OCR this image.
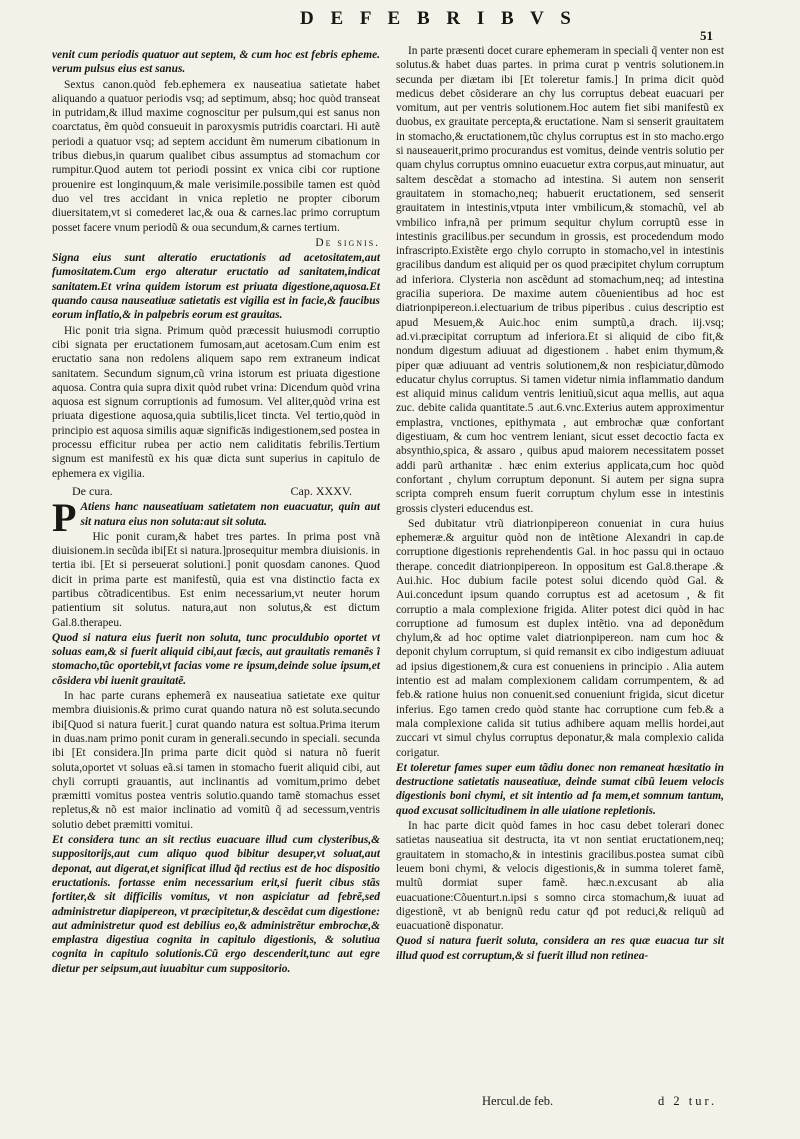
D E F E B R I B V S
51

venit cum periodis quatuor aut septem, & cum hoc est febris epheme. verum pulsus eius est sanus.

Sextus canon.quòd feb.ephemera ex nauseatiua satietate habet aliquando a quatuor periodis vsq; ad septimum, absq; hoc quòd transeat in putridam,& illud maxime cognoscitur per pulsum,qui est sanus non coarctatus, ẽm quòd consueuit in paroxysmis putridis coarctari. Hi autẽ periodi a quatuor vsq; ad septem accidunt ẽm numerum cibationum in tribus diebus,in quarum qualibet cibus assumptus ad stomachum cor rumpitur.Quod autem tot periodi possint ex vnica cibi cor ruptione prouenire est longinquum,& male verisimile.possibile tamen est quòd duo vel tres accidant in vnica repletio ne propter ciborum diuersitatem,vt si comederet lac,& oua & carnes.lac primo corruptum posset facere vnum periodũ & oua secundum,& carnes tertium.

De signis.

Signa eius sunt alteratio eructationis ad acetositatem,aut fumositatem.Cum ergo alteratur eructatio ad sanitatem,indicat sanitatem.Et vrina quidem istorum est priuata digestione,aquosa.Et quando causa nauseatiuæ satietatis est vigilia est in facie,& faucibus eorum inflatio,& in palpebris eorum est grauitas.

Hic ponit tria signa. Primum quòd præcessit huiusmodi corruptio cibi signata per eructationem fumosam,aut acetosam.Cum enim est eructatio sana non redolens aliquem sapo rem extraneum indicat sanitatem. Secundum signum,cũ vrina istorum est priuata digestione aquosa. Contra quia supra dixit quòd rubet vrina: Dicendum quòd vrina aquosa est signum corruptionis ad fumosum. Vel aliter,quòd vrina est priuata digestione aquosa,quia subtilis,licet tincta. Vel tertio,quòd in principio est aquosa similis aquæ significās indigestionem,sed postea in processu efficitur rubea per actio nem caliditatis febrilis.Tertium signum est manifestũ ex his quæ dicta sunt superius in capitulo de ephemera ex vigilia.

De cura.	Cap. XXXV.

P Atiens hanc nauseatiuam satietatem non euacuatur, quin aut sit natura eius non soluta:aut sit soluta.

Hic ponit curam,& habet tres partes. In prima post vnã diuisionem.in secũda ibi[Et si natura.]prosequitur membra diuisionis. in tertia ibi. [Et si perseuerat solutioni.] ponit quosdam canones. Quod dicit in prima parte est manifestũ, quia est vna distinctio facta ex partibus cõtradicentibus. Est enim necessarium,vt neuter horum patientium sit solutus. natura,aut non solutus,& est dictum Gal.8.therapeu.

Quod si natura eius fuerit non soluta, tunc proculdubio oportet vt soluas eam,& si fuerit aliquid cibi,aut fæcis, aut grauitatis remanẽs ĩ stomacho,tũc oportebit,vt facias vome re ipsum,deinde solue ipsum,et cõsidera vbi iuenit grauitatẽ.

In hac parte curans ephemerã ex nauseatiua satietate exe quitur membra diuisionis.& primo curat quando natura nõ est soluta.secundo ibi[Quod si natura fuerit.] curat quando natura est soltua.Prima iterum in duas.nam primo ponit curam in generali.secundo in speciali. secunda ibi [Et considera.]In prima parte dicit quòd si natura nõ fuerit soluta,oportet vt soluas eã.si tamen in stomacho fuerit aliquid cibi, aut chyli corrupti grauantis, aut inclinantis ad vomitum,primo debet præmitti vomitus postea ventris solutio.quando tamẽ stomachus esset repletus,& nõ est maior inclinatio ad vomitũ q̃ ad secessum,ventris solutio debet præmitti vomitui.

Et considera tunc an sit rectius euacuare illud cum clysteribus,& suppositorijs,aut cum aliquo quod bibitur desuper,vt soluat,aut deponat, aut digerat,et significat illud q̃d rectius est de hoc dispositio eructationis. fortasse enim necessarium erit,si fuerit cibus stãs fortiter,& sit difficilis vomitus, vt non aspiciatur ad febrẽ,sed administretur diapipereon, vt præcipitetur,& descẽdat cum digestione: aut administretur quod est debilius eo,& administrẽtur embrochæ,& emplastra digestiua cognita in capitulo digestionis, & solutiua cognita in capitulo solutionis.Cũ ergo descenderit,tunc aut egre dietur per seipsum,aut iuuabitur cum suppositorio.

In parte præsenti docet curare ephemeram in speciali q̃ venter non est solutus.& habet duas partes. in prima curat p ventris solutionem.in secunda per diætam ibi [Et toleretur famis.] In prima dicit quòd medicus debet cõsiderare an chy lus corruptus debeat euacuari per vomitum, aut per ventris solutionem.Hoc autem fiet sibi manifestũ ex duobus, ex grauitate percepta,& eructatione. Nam si senserit grauitatem in stomacho,& eructationem,tũc chylus corruptus est in sto macho.ergo si nauseauerit,primo procurandus est vomitus, deinde ventris solutio per quam chylus corruptus omnino euacuetur extra corpus,aut minuatur, aut saltem descẽdat a stomacho ad intestina. Si autem non senserit grauitatem in stomacho,neq; habuerit eructationem, sed senserit grauitatem in intestinis,vtputa inter vmbilicum,& stomachũ, vel ab vmbilico infra,nã per primum sequitur chylum corruptũ esse in intestinis gracilibus.per secundum in grossis, est procedendum modo infrascripto.Existẽte ergo chylo corrupto in stomacho,vel in intestinis gracilibus dandum est aliquid per os quod præcipitet chylum corruptum ad inferiora. Clysteria non ascẽdunt ad stomachum,neq; ad intestina gracilia superiora. De maxime autem cõuenientibus ad hoc est diatrionpipereon.i.electuarium de tribus piperibus . cuius descriptio est apud Mesuem,& Auic.hoc enim sumptũ,a drach. iij.vsq; ad.vi.præcipitat corruptum ad inferiora.Et si aliquid de cibo fit,& nondum digestum adiuuat ad digestionem . habet enim thymum,& piper quæ adiuuant ad ventris solutionem,& non resþiciatur,dũmodo educatur chylus corruptus. Si tamen videtur nimia inflammatio dandum est aliquid minus calidum ventris lenitiuũ,sicut aqua mellis, aut aqua zuc. debite calida quantitate.5 .aut.6.vnc.Exterius autem approximentur emplastra, vnctiones, epithymata , aut embrochæ quæ confortant digestiuam, & cum hoc ventrem leniant, sicut esset decoctio facta ex absynthio,spica, & assaro , quibus apud maiorem necessitatem posset addi parũ arthanitæ . hæc enim exterius applicata,cum hoc quòd confortant , chylum corruptum deponunt. Si autem per signa supra scripta compreh ensum fuerit corruptum chylum esse in intestinis grossis clysteri educendus est.

Sed dubitatur vtrũ diatrionpipereon conueniat in cura huius ephemeræ.& arguitur quòd non de intẽtione Alexandri in cap.de corruptione digestionis reprehendentis Gal. in hoc passu qui in octauo therape. concedit diatrionpipereon. In oppositum est Gal.8.therape .& Aui.hic. Hoc dubium facile potest solui dicendo quòd Gal. & Aui.concedunt ipsum quando corruptus est ad acetosum , & fit corruptio a mala complexione frigida. Aliter potest dici quòd in hac corruptione ad fumosum est duplex intẽtio. vna ad deponẽdum chylum,& ad hoc optime valet diatrionpipereon. nam cum hoc & deponit chylum corruptum, si quid remansit ex cibo indigestum adiuuat ad ipsius digestionem,& cura est conueniens in principio . Alia autem intentio est ad malam complexionem calidam corrumpentem, & ad feb.& ratione huius non conuenit.sed conueniunt frigida, sicut dicetur inferius. Ego tamen credo quòd stante hac corruptione cum feb.& a mala complexione calida sit tutius adhibere aquam mellis hordei,aut zuccari vt simul chylus corruptus deponatur,& mala complexio calida corigatur.

Et toleretur fames super eum tãdiu donec non remaneat hæsitatio in destructione satietatis nauseatiuæ, deinde sumat cibũ leuem velocis digestionis boni chymi, et sit intentio ad fa mem,et somnum tantum, quod excusat sollicitudinem in alle uiatione repletionis.

In hac parte dicit quòd fames in hoc casu debet tolerari donec satietas nauseatiua sit destructa, ita vt non sentiat eructationem,neq; grauitatem in stomacho,& in intestinis gracilibus.postea sumat cibũ leuem boni chymi, & velocis digestionis,& in summa toleret famẽ, multũ dormiat super famẽ. hæc.n.excusant ab alia euacuatione:Cõuenturt.n.ipsi s somno circa stomachum,& iuuat ad digestionẽ, vt ab benignũ redu catur qđ pot reduci,& reliquũ ad euacuationẽ disponatur.

Quod si natura fuerit soluta, considera an res quæ euacua tur sit illud quod est corruptum,& si fuerit illud non retinea-

Hercul.de feb.	d 2 tur.
